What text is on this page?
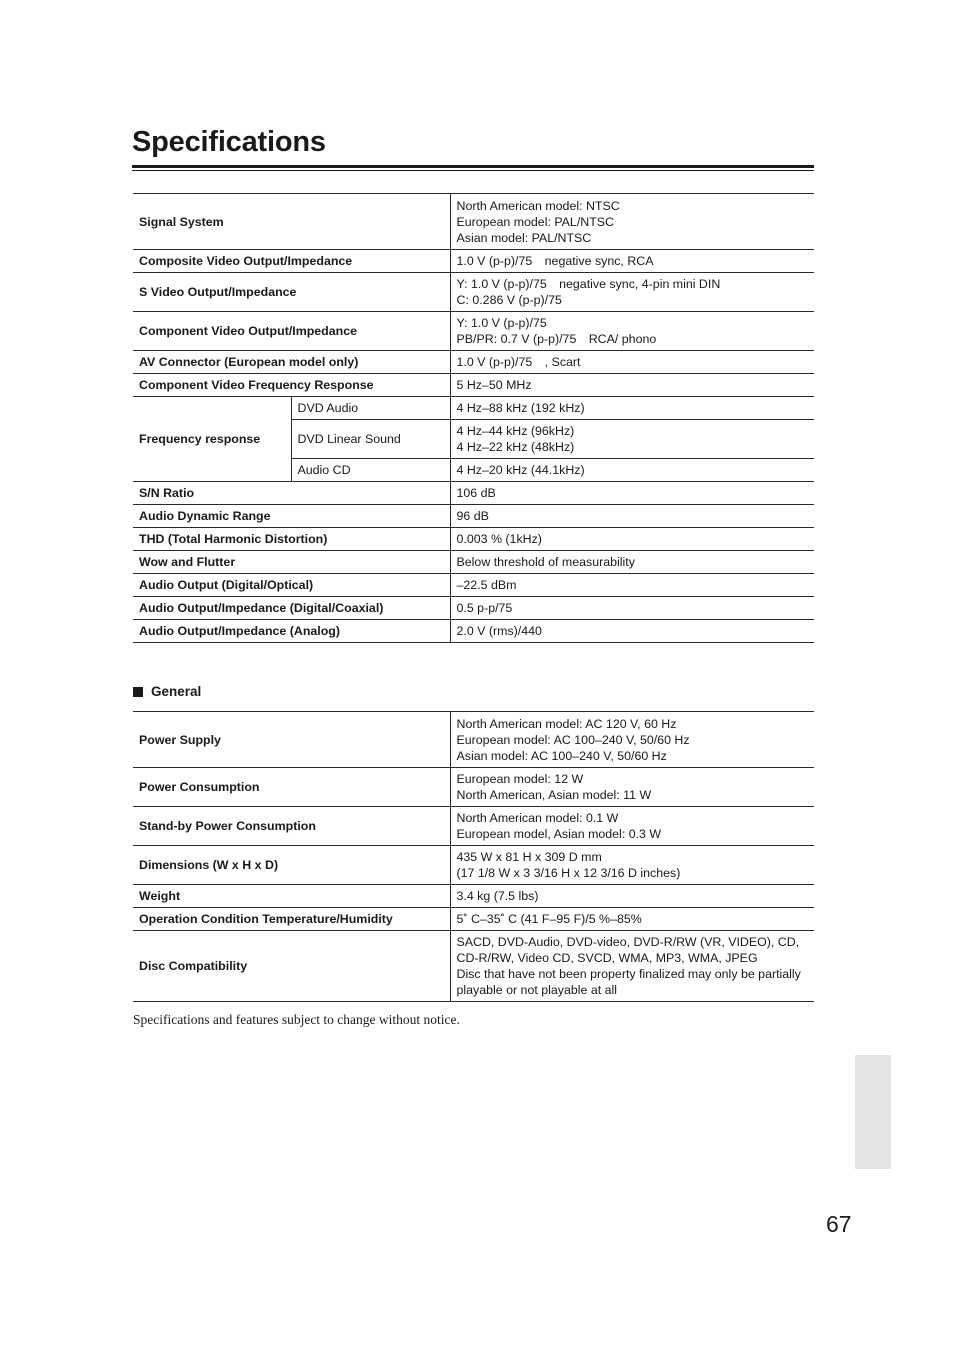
Specifications
Signal System		North American model: NTSC
European model: PAL/NTSC
Asian model: PAL/NTSC

Composite Video Output/Impedance		1.0 V (p-p)/75 negative sync, RCA

S Video Output/Impedance		Y: 1.0 V (p-p)/75 negative sync, 4-pin mini DIN
C: 0.286 V (p-p)/75

Component Video Output/Impedance		Y: 1.0 V (p-p)/75
PB/PR: 0.7 V (p-p)/75 RCA/ phono

AV Connector (European model only)		1.0 V (p-p)/75 , Scart

Component Video Frequency Response		5 Hz–50 MHz

Frequency response	DVD Audio	4 Hz–88 kHz (192 kHz)

	DVD Linear Sound	4 Hz–44 kHz (96kHz)
4 Hz–22 kHz (48kHz)

	Audio CD	4 Hz–20 kHz (44.1kHz)

S/N Ratio		106 dB

Audio Dynamic Range		96 dB

THD (Total Harmonic Distortion)		0.003 % (1kHz)

Wow and Flutter		Below threshold of measurability

Audio Output (Digital/Optical)		–22.5 dBm

Audio Output/Impedance (Digital/Coaxial)		0.5 p-p/75

Audio Output/Impedance (Analog)		2.0 V (rms)/440
General
Power Supply	North American model: AC 120 V, 60 Hz
European model: AC 100–240 V, 50/60 Hz
Asian model: AC 100–240 V, 50/60 Hz

Power Consumption	European model: 12 W
North American, Asian model: 11 W

Stand-by Power Consumption	North American model: 0.1 W
European model, Asian model: 0.3 W

Dimensions (W x H x D)	435 W x 81 H x 309 D mm
(17 1/8 W x 3 3/16 H x 12 3/16 D inches)

Weight	3.4 kg (7.5 lbs)

Operation Condition Temperature/Humidity	5˚ C–35˚ C (41 F–95 F)/5 %–85%

Disc Compatibility	SACD, DVD-Audio, DVD-video, DVD-R/RW (VR, VIDEO), CD,
CD-R/RW, Video CD, SVCD, WMA, MP3, WMA, JPEG
Disc that have not been property finalized may only be partially
playable or not playable at all
Specifications and features subject to change without notice.
67
